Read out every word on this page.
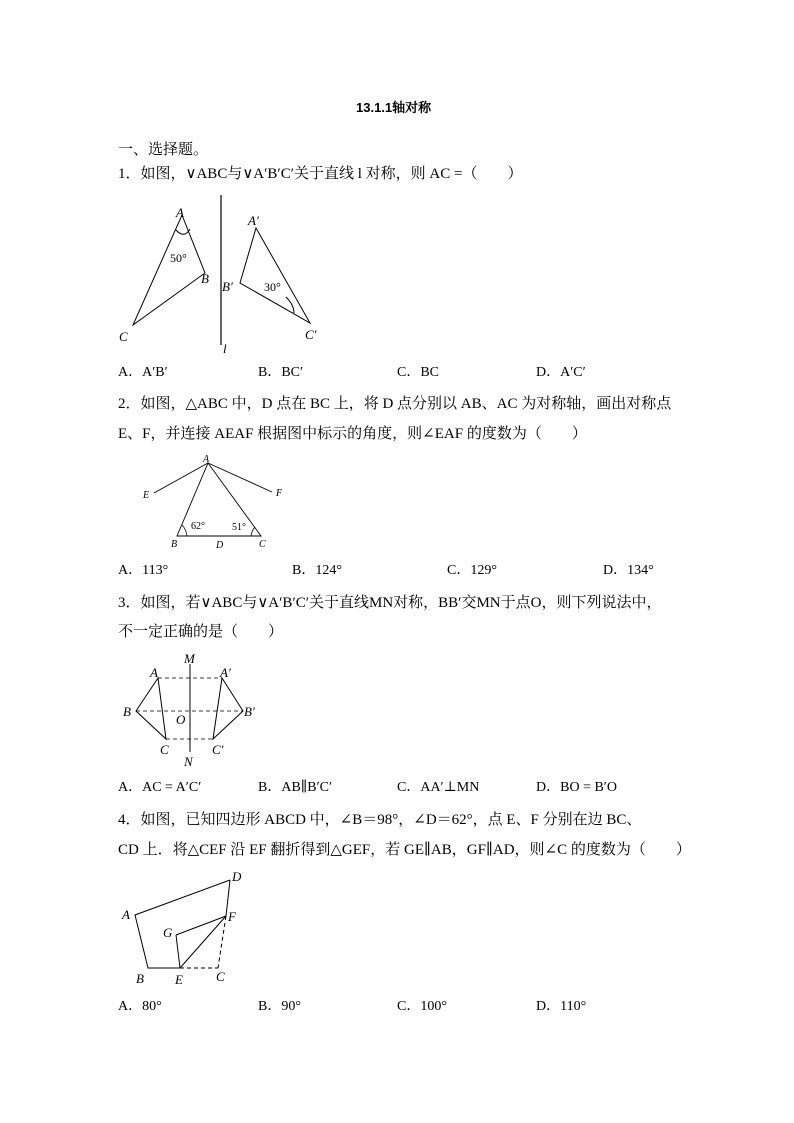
13.1.1轴对称
一、选择题。
1．如图，∨ABC与∨A′B′C′关于直线 l 对称，则 AC =（　　）
50°
A
B
C
l
30°
A′
B′
C′
A．A′B′	B．BC′	C．BC	D．A′C′
2．如图，△ABC 中，D 点在 BC 上，将 D 点分别以 AB、AC 为对称轴，画出对称点
E、F，并连接 AEAF 根据图中标示的角度，则∠EAF 的度数为（　　）
62°	51°
A
B	C
D
E	F
A．113°	B．124°	C．129°	D．134°
3．如图，若∨ABC与∨A′B′C′关于直线MN对称，BB′交MN于点O，则下列说法中，
不一定正确的是（　　）
M
N
O
A
B
C
A′
B′
C′
A．AC = A′C′	B．AB∥B′C′	C．AA′⊥MN	D．BO = B′O
4．如图，已知四边形 ABCD 中，∠B＝98°，∠D＝62°，点 E、F 分别在边 BC、
CD 上．将△CEF 沿 EF 翻折得到△GEF，若 GE∥AB，GF∥AD，则∠C 的度数为（　　）
A
B	C
D
E
F
G
A．80°	B．90°	C．100°	D．110°
